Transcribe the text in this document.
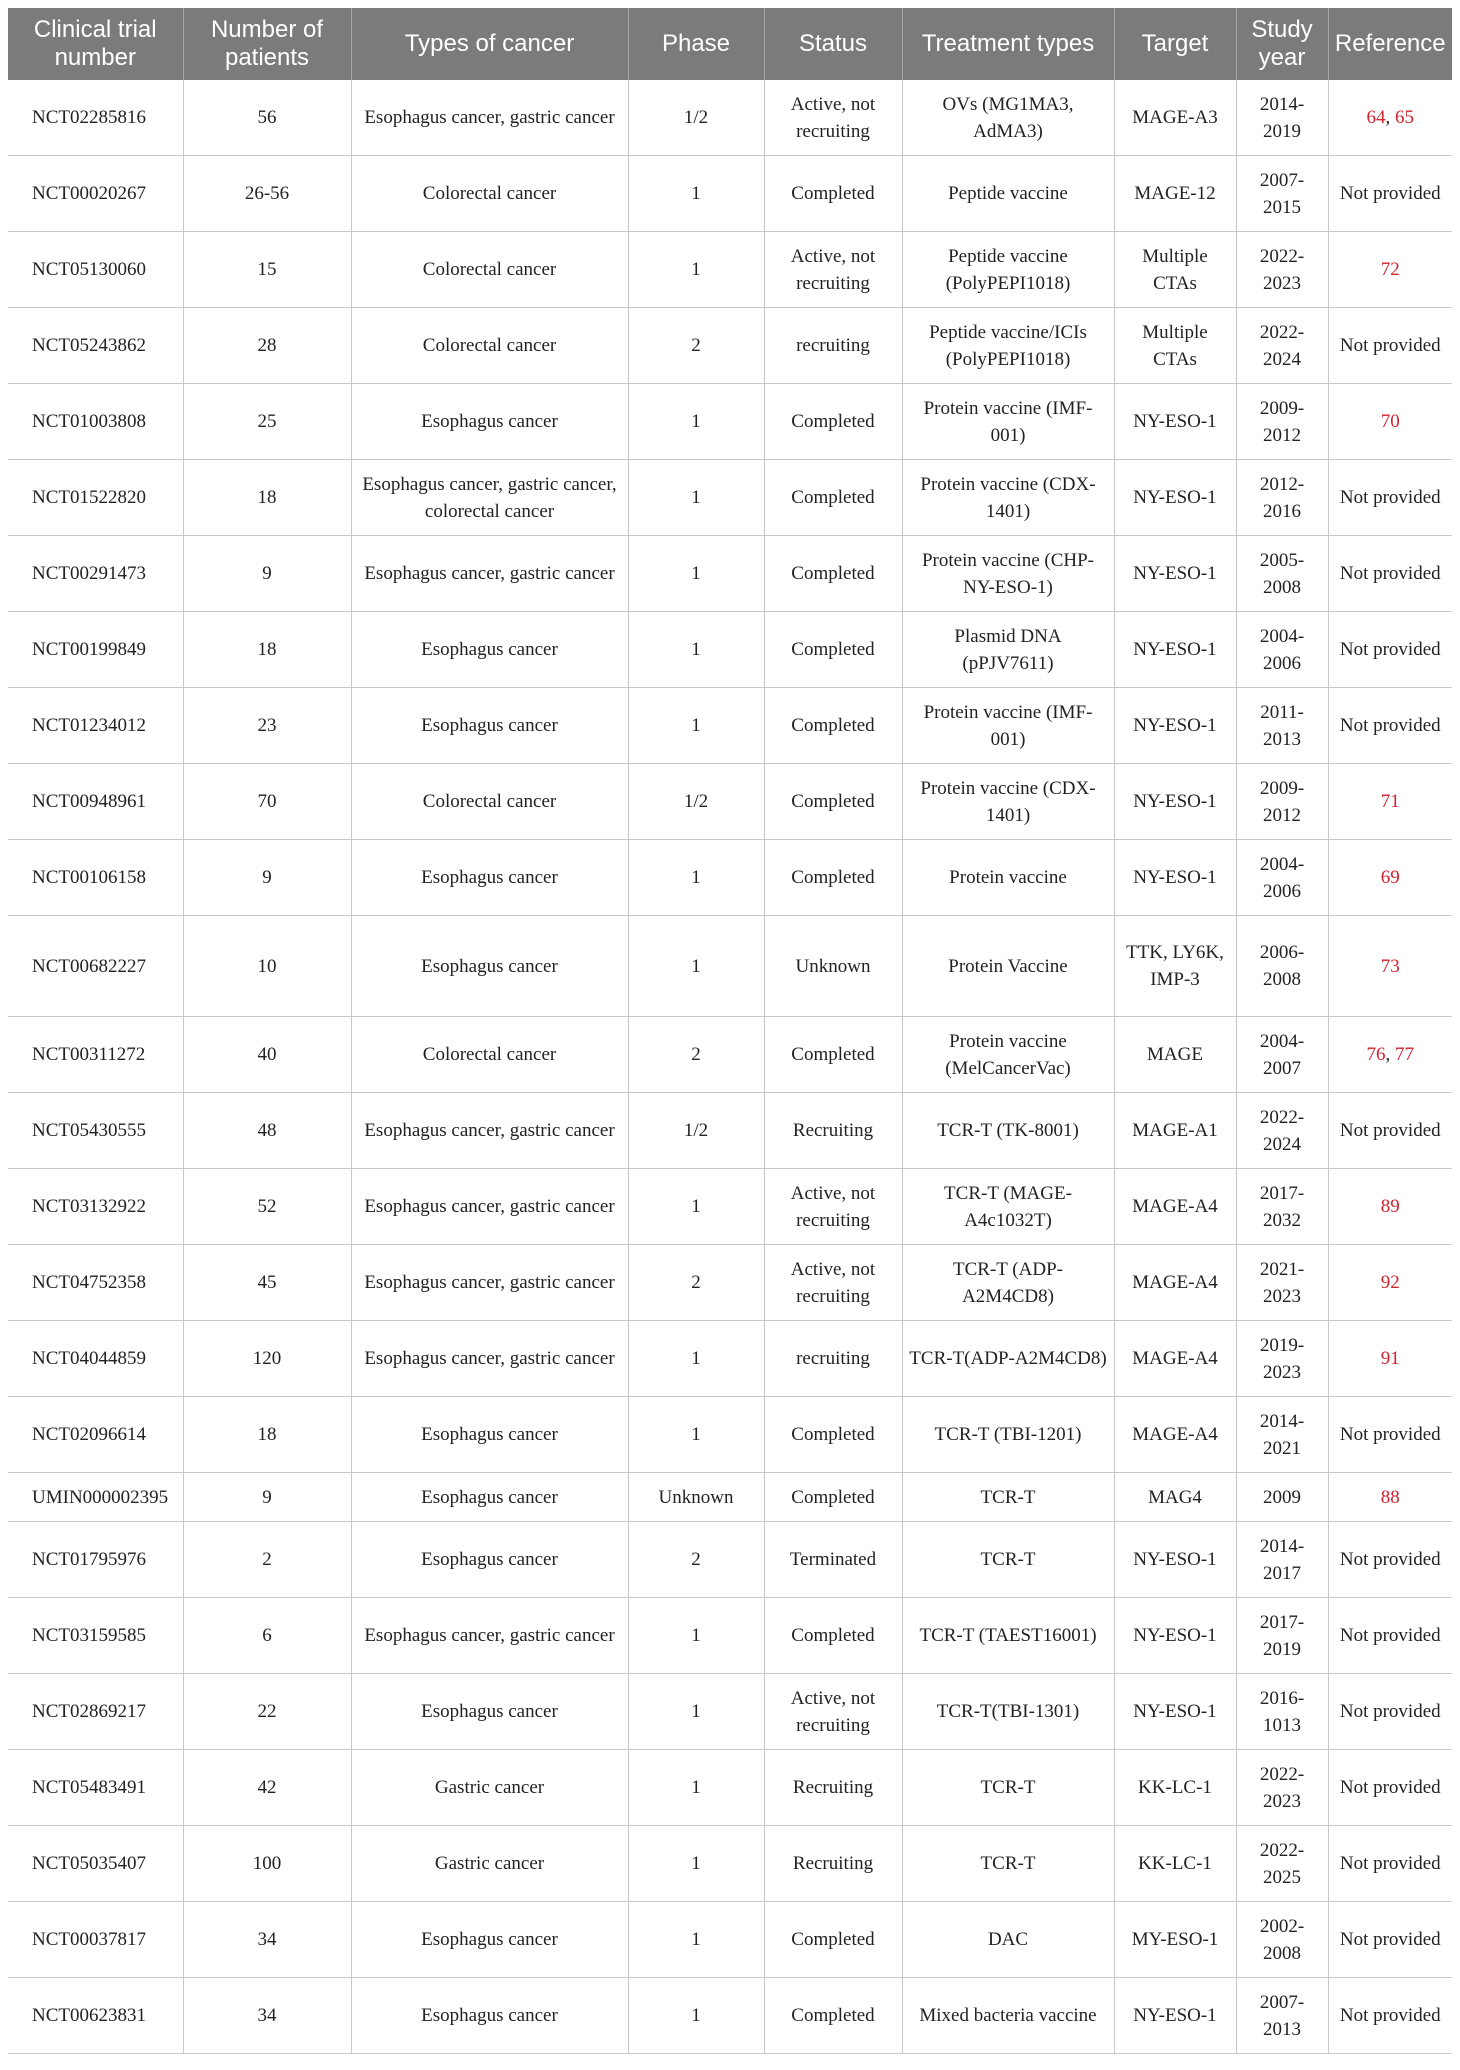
Clinical trial number	Number of patients	Types of cancer	Phase	Status	Treatment types	Target	Study year	Reference
NCT02285816	56	Esophagus cancer, gastric cancer	1/2	Active, not recruiting	OVs (MG1MA3, AdMA3)	MAGE-A3	2014-2019	64, 65
NCT00020267	26-56	Colorectal cancer	1	Completed	Peptide vaccine	MAGE-12	2007-2015	Not provided
NCT05130060	15	Colorectal cancer	1	Active, not recruiting	Peptide vaccine (PolyPEPI1018)	Multiple CTAs	2022-2023	72
NCT05243862	28	Colorectal cancer	2	recruiting	Peptide vaccine/ICIs (PolyPEPI1018)	Multiple CTAs	2022-2024	Not provided
NCT01003808	25	Esophagus cancer	1	Completed	Protein vaccine (IMF-001)	NY-ESO-1	2009-2012	70
NCT01522820	18	Esophagus cancer, gastric cancer, colorectal cancer	1	Completed	Protein vaccine (CDX-1401)	NY-ESO-1	2012-2016	Not provided
NCT00291473	9	Esophagus cancer, gastric cancer	1	Completed	Protein vaccine (CHP-NY-ESO-1)	NY-ESO-1	2005-2008	Not provided
NCT00199849	18	Esophagus cancer	1	Completed	Plasmid DNA (pPJV7611)	NY-ESO-1	2004-2006	Not provided
NCT01234012	23	Esophagus cancer	1	Completed	Protein vaccine (IMF-001)	NY-ESO-1	2011-2013	Not provided
NCT00948961	70	Colorectal cancer	1/2	Completed	Protein vaccine (CDX-1401)	NY-ESO-1	2009-2012	71
NCT00106158	9	Esophagus cancer	1	Completed	Protein vaccine	NY-ESO-1	2004-2006	69
NCT00682227	10	Esophagus cancer	1	Unknown	Protein Vaccine	TTK, LY6K, IMP-3	2006-2008	73
NCT00311272	40	Colorectal cancer	2	Completed	Protein vaccine (MelCancerVac)	MAGE	2004-2007	76, 77
NCT05430555	48	Esophagus cancer, gastric cancer	1/2	Recruiting	TCR-T (TK-8001)	MAGE-A1	2022-2024	Not provided
NCT03132922	52	Esophagus cancer, gastric cancer	1	Active, not recruiting	TCR-T (MAGE-A4c1032T)	MAGE-A4	2017-2032	89
NCT04752358	45	Esophagus cancer, gastric cancer	2	Active, not recruiting	TCR-T (ADP-A2M4CD8)	MAGE-A4	2021-2023	92
NCT04044859	120	Esophagus cancer, gastric cancer	1	recruiting	TCR-T(ADP-A2M4CD8)	MAGE-A4	2019-2023	91
NCT02096614	18	Esophagus cancer	1	Completed	TCR-T (TBI-1201)	MAGE-A4	2014-2021	Not provided
UMIN000002395	9	Esophagus cancer	Unknown	Completed	TCR-T	MAG4	2009	88
NCT01795976	2	Esophagus cancer	2	Terminated	TCR-T	NY-ESO-1	2014-2017	Not provided
NCT03159585	6	Esophagus cancer, gastric cancer	1	Completed	TCR-T (TAEST16001)	NY-ESO-1	2017-2019	Not provided
NCT02869217	22	Esophagus cancer	1	Active, not recruiting	TCR-T(TBI-1301)	NY-ESO-1	2016-1013	Not provided
NCT05483491	42	Gastric cancer	1	Recruiting	TCR-T	KK-LC-1	2022-2023	Not provided
NCT05035407	100	Gastric cancer	1	Recruiting	TCR-T	KK-LC-1	2022-2025	Not provided
NCT00037817	34	Esophagus cancer	1	Completed	DAC	MY-ESO-1	2002-2008	Not provided
NCT00623831	34	Esophagus cancer	1	Completed	Mixed bacteria vaccine	NY-ESO-1	2007-2013	Not provided
